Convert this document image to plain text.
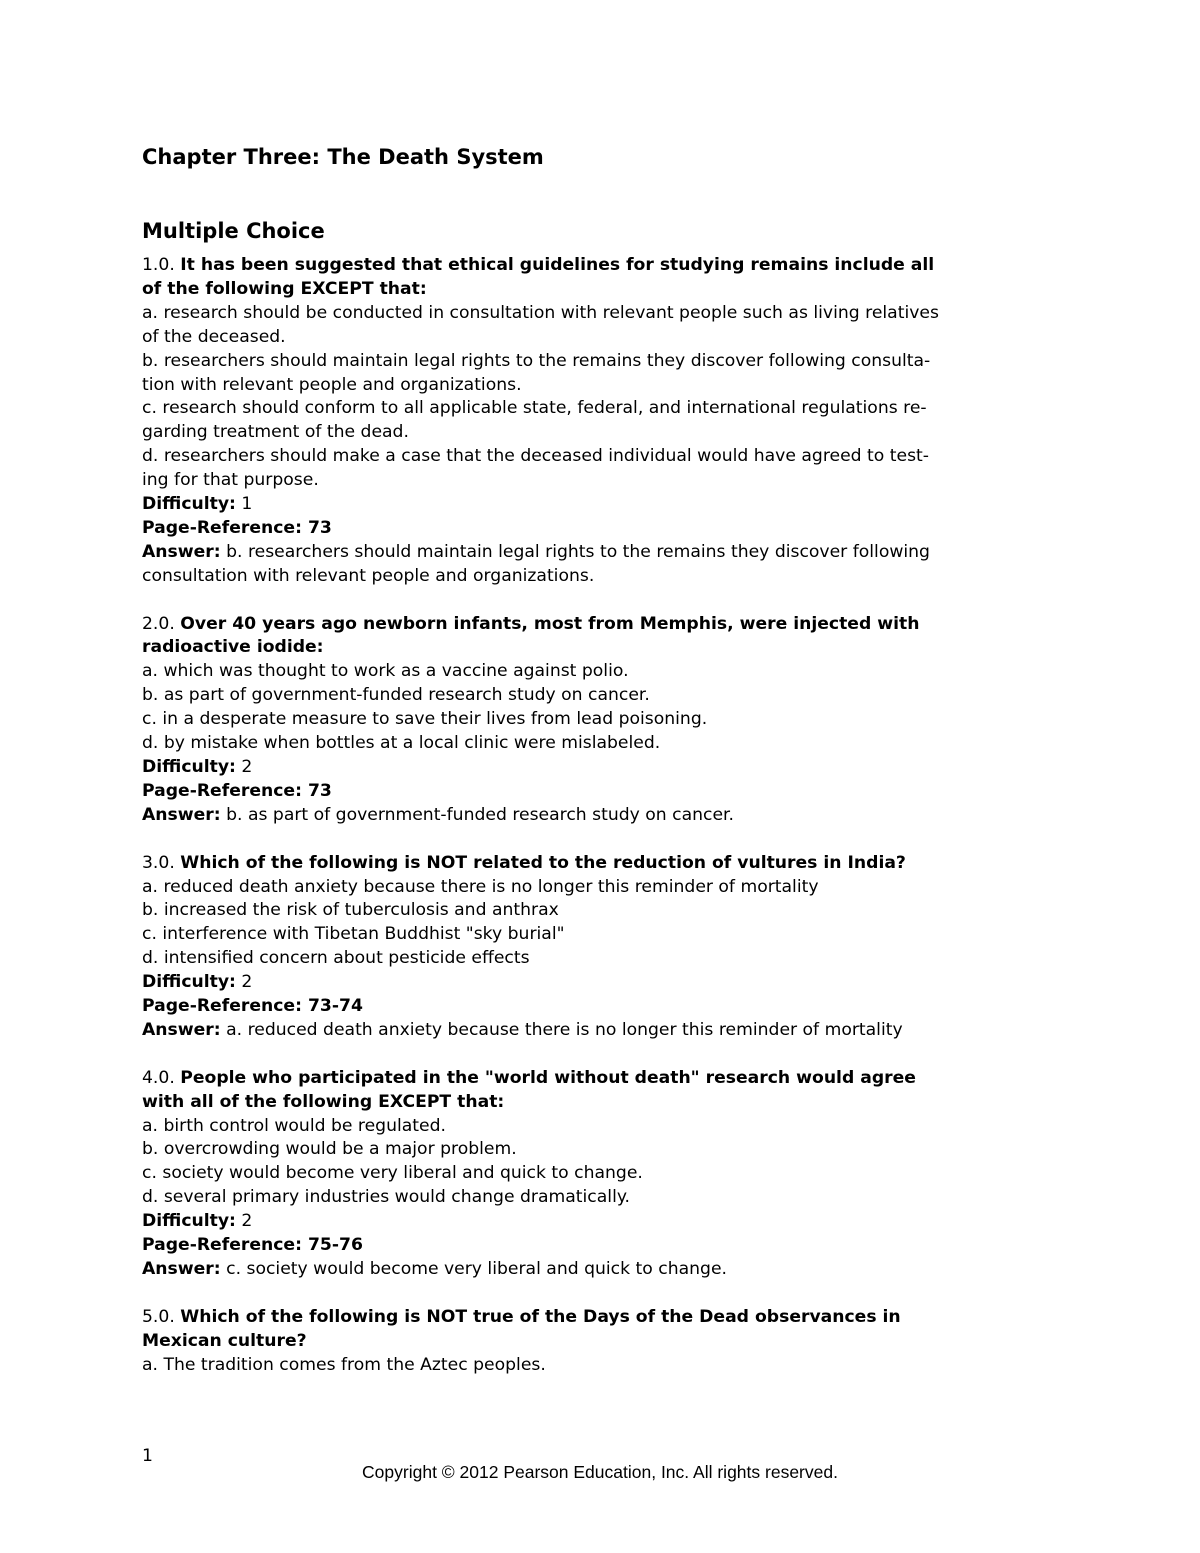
Chapter Three: The Death System
Multiple Choice
1.0. It has been suggested that ethical guidelines for studying remains include all
of the following EXCEPT that:
a. research should be conducted in consultation with relevant people such as living relatives
of the deceased.
b. researchers should maintain legal rights to the remains they discover following consulta-
tion with relevant people and organizations.
c. research should conform to all applicable state, federal, and international regulations re-
garding treatment of the dead.
d. researchers should make a case that the deceased individual would have agreed to test-
ing for that purpose.
Difficulty: 1
Page-Reference: 73
Answer: b. researchers should maintain legal rights to the remains they discover following
consultation with relevant people and organizations.
2.0. Over 40 years ago newborn infants, most from Memphis, were injected with
radioactive iodide:
a. which was thought to work as a vaccine against polio.
b. as part of government-funded research study on cancer.
c. in a desperate measure to save their lives from lead poisoning.
d. by mistake when bottles at a local clinic were mislabeled.
Difficulty: 2
Page-Reference: 73
Answer: b. as part of government-funded research study on cancer.
3.0. Which of the following is NOT related to the reduction of vultures in India?
a. reduced death anxiety because there is no longer this reminder of mortality
b. increased the risk of tuberculosis and anthrax
c. interference with Tibetan Buddhist "sky burial"
d. intensified concern about pesticide effects
Difficulty: 2
Page-Reference: 73-74
Answer: a. reduced death anxiety because there is no longer this reminder of mortality
4.0. People who participated in the "world without death" research would agree
with all of the following EXCEPT that:
a. birth control would be regulated.
b. overcrowding would be a major problem.
c. society would become very liberal and quick to change.
d. several primary industries would change dramatically.
Difficulty: 2
Page-Reference: 75-76
Answer: c. society would become very liberal and quick to change.
5.0. Which of the following is NOT true of the Days of the Dead observances in
Mexican culture?
a. The tradition comes from the Aztec peoples.
1
Copyright © 2012 Pearson Education, Inc. All rights reserved.
